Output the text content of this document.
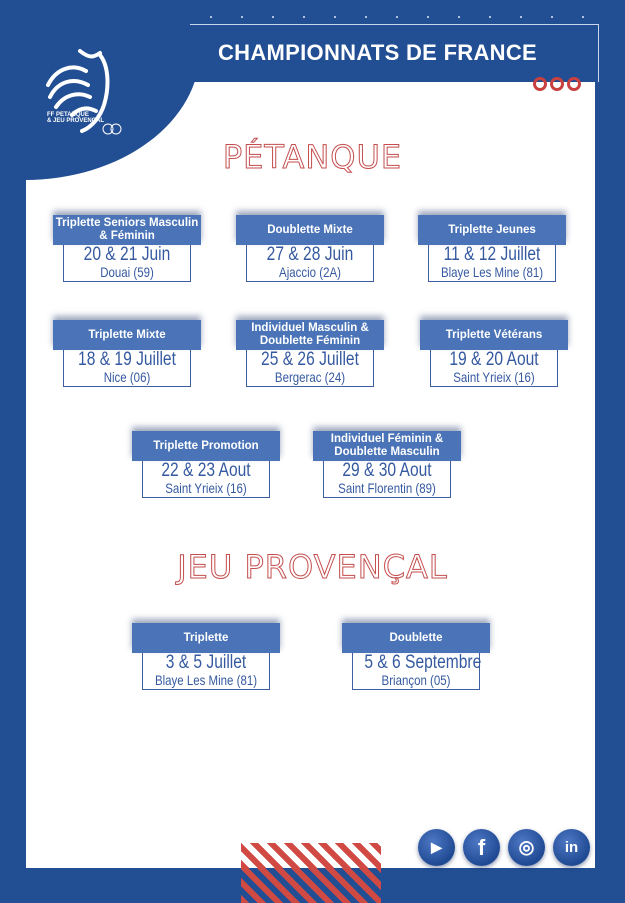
CHAMPIONNATS DE FRANCE
FF PETANQUE
& JEU PROVENÇAL
PÉTANQUE
Triplette Seniors Masculin & Féminin
20 & 21 Juin
Douai (59)
Doublette Mixte
27 & 28 Juin
Ajaccio (2A)
Triplette Jeunes
11 & 12 Juillet
Blaye Les Mine (81)
Triplette Mixte
18 & 19 Juillet
Nice (06)
Individuel Masculin & Doublette Féminin
25 & 26 Juillet
Bergerac (24)
Triplette Vétérans
19 & 20 Aout
Saint Yrieix (16)
Triplette Promotion
22 & 23 Aout
Saint Yrieix (16)
Individuel Féminin & Doublette Masculin
29 & 30 Aout
Saint Florentin (89)
JEU PROVENÇAL
Triplette
3 & 5 Juillet
Blaye Les Mine (81)
Doublette
5 & 6 Septembre
Briançon (05)
▶	f	◎	in
